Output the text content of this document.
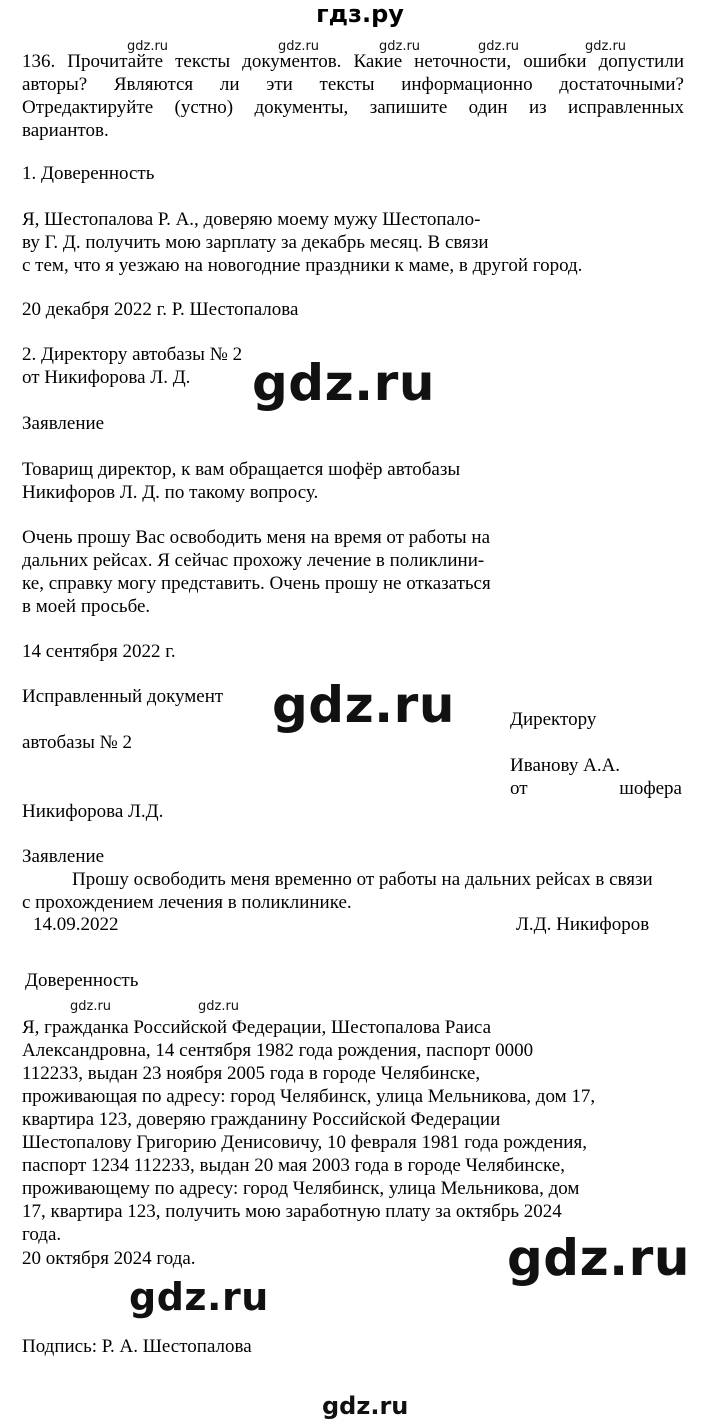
гдз.ру
136. Прочитайте тексты документов. Какие неточности, ошибки допустили
авторы? Являются ли эти тексты информационно достаточными?
Отредактируйте (устно) документы, запишите один из исправленных
вариантов.
1. Доверенность
Я, Шестопалова Р. А., доверяю моему мужу Шестопало-
ву Г. Д. получить мою зарплату за декабрь месяц. В связи
с тем, что я уезжаю на новогодние праздники к маме, в другой город.
20 декабря 2022 г. Р. Шестопалова
2. Директору автобазы № 2
от Никифорова Л. Д.
Заявление
Товарищ директор, к вам обращается шофёр автобазы
Никифоров Л. Д. по такому вопросу.
Очень прошу Вас освободить меня на время от работы на
дальних рейсах. Я сейчас прохожу лечение в поликлини-
ке, справку могу представить. Очень прошу не отказаться
в моей просьбе.
14 сентября 2022 г.
Исправленный документ
Директору
автобазы № 2
Иванову А.А.
от	шофера
Никифорова Л.Д.
Заявление
Прошу освободить меня временно от работы на дальних рейсах в связи
с прохождением лечения в поликлинике.
14.09.2022	Л.Д. Никифоров
Доверенность
Я, гражданка Российской Федерации, Шестопалова Раиса
Александровна, 14 сентября 1982 года рождения, паспорт 0000
112233, выдан 23 ноября 2005 года в городе Челябинске,
проживающая по адресу: город Челябинск, улица Мельникова, дом 17,
квартира 123, доверяю гражданину Российской Федерации
Шестопалову Григорию Денисовичу, 10 февраля 1981 года рождения,
паспорт 1234 112233, выдан 20 мая 2003 года в городе Челябинске,
проживающему по адресу: город Челябинск, улица Мельникова, дом
17, квартира 123, получить мою заработную плату за октябрь 2024
года.
20 октября 2024 года.
Подпись: Р. А. Шестопалова
gdz.ru	gdz.ru	gdz.ru	gdz.ru	gdz.ru
gdz.ru
gdz.ru
gdz.ru	gdz.ru
gdz.ru
gdz.ru
gdz.ru
